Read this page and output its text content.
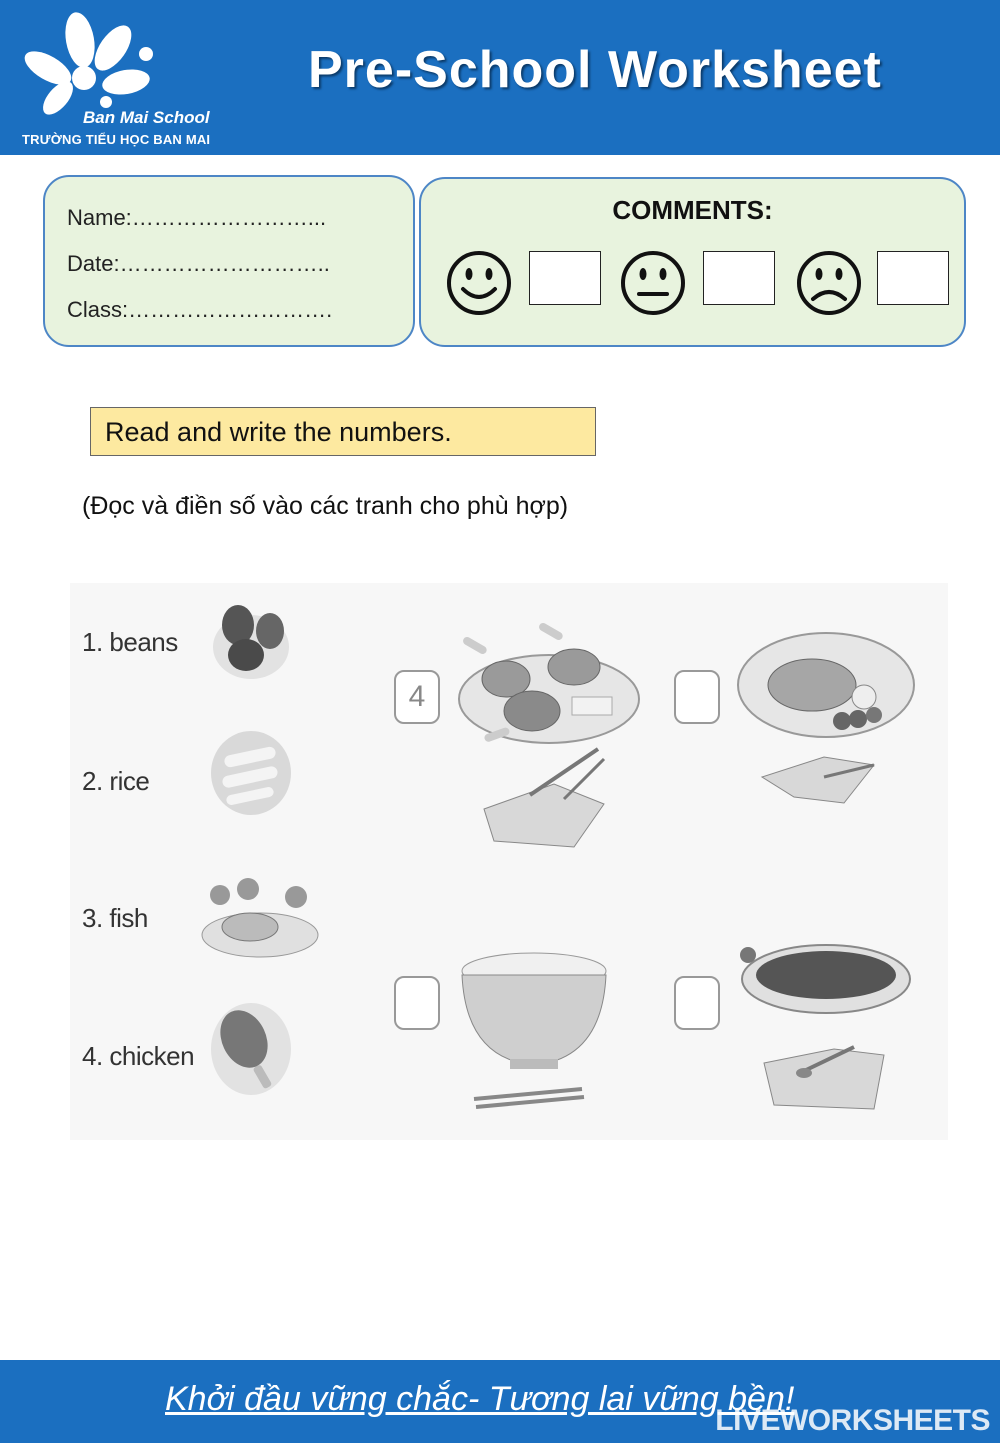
Ban Mai School
TRƯỜNG TIỂU HỌC BAN MAI
Pre-School Worksheet
Name:……………………...
Date:………………………..
Class:……………………….
COMMENTS:
Read and write the numbers.
(Đọc và điền số vào các tranh cho phù hợp)
1. beans
2. rice
3. fish
4. chicken
4
Khởi đầu vững chắc- Tương lai vững bền!
LIVEWORKSHEETS
